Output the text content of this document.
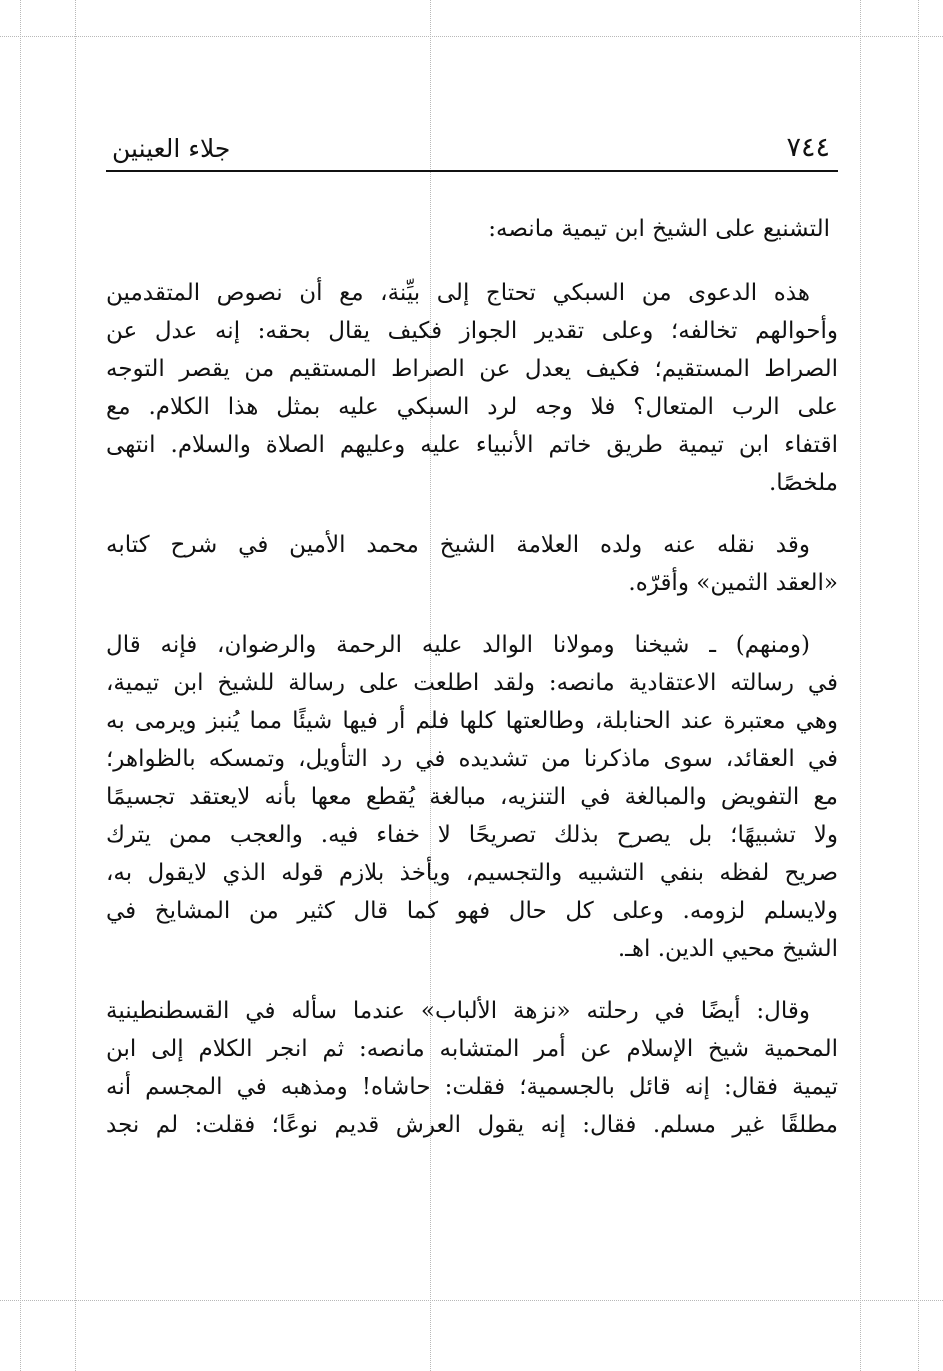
جلاء العينين	٧٤٤
التشنيع على الشيخ ابن تيمية مانصه:
هذه الدعوى من السبكي تحتاج إلى بيِّنة، مع أن نصوص المتقدمين
وأحوالهم تخالفه؛ وعلى تقدير الجواز فكيف يقال بحقه: إنه عدل عن
الصراط المستقيم؛ فكيف يعدل عن الصراط المستقيم من يقصر التوجه
على الرب المتعال؟ فلا وجه لرد السبكي عليه بمثل هذا الكلام. مع
اقتفاء ابن تيمية طريق خاتم الأنبياء عليه وعليهم الصلاة والسلام. انتهى
ملخصًا.
وقد نقله عنه ولده العلامة الشيخ محمد الأمين في شرح كتابه
«العقد الثمين» وأقرّه.
(ومنهم) ـ شيخنا ومولانا الوالد عليه الرحمة والرضوان، فإنه قال
في رسالته الاعتقادية مانصه: ولقد اطلعت على رسالة للشيخ ابن تيمية،
وهي معتبرة عند الحنابلة، وطالعتها كلها فلم أر فيها شيئًا مما يُنبز ويرمى به
في العقائد، سوى ماذكرنا من تشديده في رد التأويل، وتمسكه بالظواهر؛
مع التفويض والمبالغة في التنزيه، مبالغة يُقطع معها بأنه لايعتقد تجسيمًا
ولا تشبيهًا؛ بل يصرح بذلك تصريحًا لا خفاء فيه. والعجب ممن يترك
صريح لفظه بنفي التشبيه والتجسيم، ويأخذ بلازم قوله الذي لايقول به،
ولايسلم لزومه. وعلى كل حال فهو كما قال كثير من المشايخ في
الشيخ محيي الدين. اهـ.
وقال: أيضًا في رحلته «نزهة الألباب» عندما سأله في القسطنطينية
المحمية شيخ الإسلام عن أمر المتشابه مانصه: ثم انجر الكلام إلى ابن
تيمية فقال: إنه قائل بالجسمية؛ فقلت: حاشاه! ومذهبه في المجسم أنه
مطلقًا غير مسلم. فقال: إنه يقول العرش قديم نوعًا؛ فقلت: لم نجد
